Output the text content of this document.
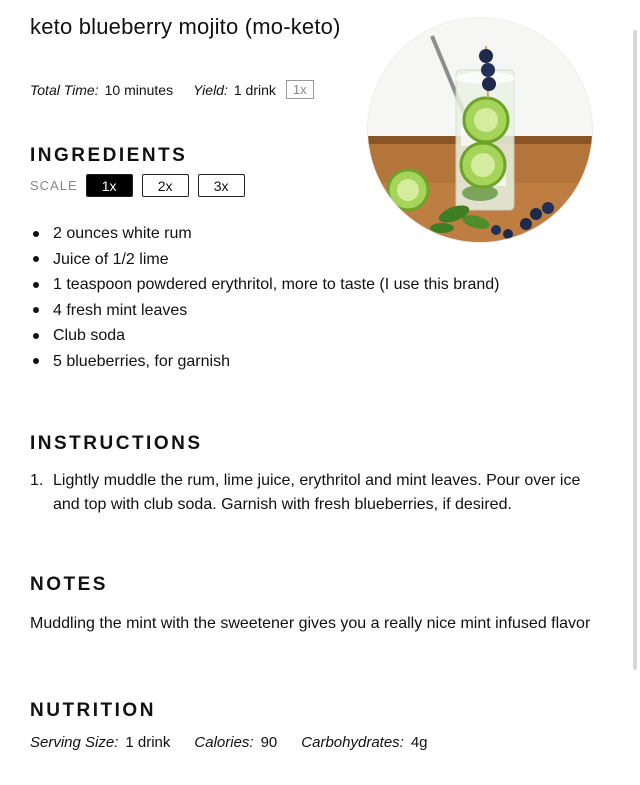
keto blueberry mojito (mo-keto)
Total Time: 10 minutes Yield: 1 drink	1x
INGREDIENTS
SCALE	1x	2x	3x
2 ounces white rum
Juice of 1/2 lime
1 teaspoon powdered erythritol, more to taste (I use this brand)
4 fresh mint leaves
Club soda
5 blueberries, for garnish
INSTRUCTIONS
1. Lightly muddle the rum, lime juice, erythritol and mint leaves. Pour over ice and top with club soda. Garnish with fresh blueberries, if desired.
NOTES
Muddling the mint with the sweetener gives you a really nice mint infused flavor
NUTRITION
Serving Size: 1 drink Calories: 90 Carbohydrates: 4g
